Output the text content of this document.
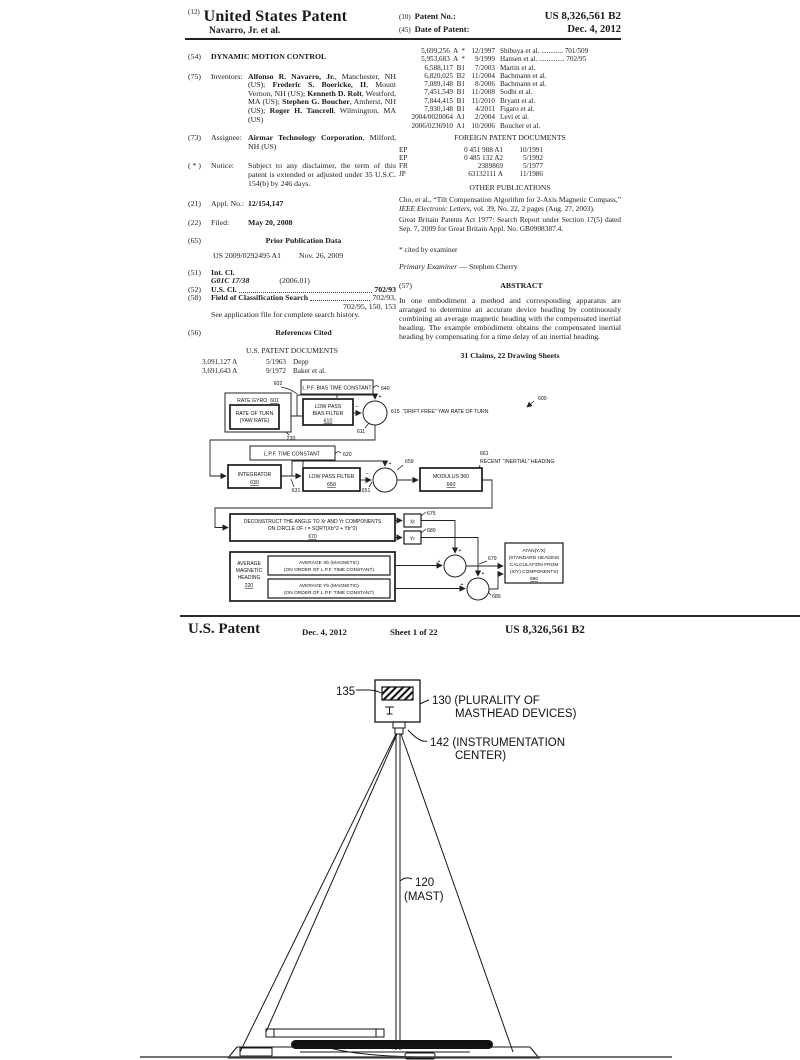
$^{(12)}$ United States Patent
Navarro, Jr. et al.
(10) Patent No.:	US 8,326,561 B2
(45) Date of Patent:	Dec. 4, 2012
(54)	DYNAMIC MOTION CONTROL
(75)	Inventors: Alfonso R. Navarro, Jr., Manchester, NH (US); Frederic S. Boericke, II, Mount Vernon, NH (US); Kenneth D. Rolt, Westford, MA (US); Stephen G. Boucher, Amherst, NH (US); Roger H. Tancrell, Wilmington, MA (US)
(73)	Assignee: Airmar Technology Corporation, Milford, NH (US)
( * )	Notice:	Subject to any disclaimer, the term of this patent is extended or adjusted under 35 U.S.C. 154(b) by 246 days.
(21)	Appl. No.: 12/154,147
(22)	Filed:	May 20, 2008
(65)	Prior Publication Data
US 2009/0292495 A1 Nov. 26, 2009
(51)	Int. Cl.
G01C 17/38	(2006.01)
(52)	U.S. Cl.	702/93
(58)	Field of Classification Search	702/93,
702/95, 150, 153
See application file for complete search history.
(56)	References Cited
U.S. PATENT DOCUMENTS
3,091,127 A	5/1963 Depp
3,691,643 A	9/1972 Baker et al.
5,699,256  A  * 12/1997 Shibuya et al. ............ 701/509
5,953,683  A  *	9/1999 Hansen et al. .............. 702/95
6,588,117  B1	7/2003 Martin et al.
6,820,025  B2 11/2004 Bachmann et al.
7,089,148  B1	8/2006 Bachmann et al.
7,451,549  B1 11/2008 Sodhi et al.
7,844,415  B1 11/2010 Bryant et al.
7,930,148  B1	4/2011 Figaro et al.
2004/0020064  A1	2/2004 Levi et al.
2006/0236910  A1 10/2006 Boucher et al.
FOREIGN PATENT DOCUMENTS
EP	0 451 988 A1	10/1991
EP	0 485 132 A2	5/1992
FR	2389869	5/1977
JP	63132111 A	11/1986
OTHER PUBLICATIONS
Cho, et al., “Tilt Compensation Algorithm for 2-Axis Magnetic Compass,” IEEE Electronic Letters, vol. 39, No. 22, 2 pages (Aug. 27, 2003).
Great Britain Patents Act 1977: Search Report under Section 17(5) dated Sep. 7, 2009 for Great Britain Appl. No. GB0908387.4.
* cited by examiner
Primary Examiner — Stephen Cherry
(57)	ABSTRACT
In one embodiment a method and corresponding apparatus are arranged to determine an accurate device heading by continuously combining an average magnetic heading with the compensated inertial heading. The example embodiment obtains the compensated inertial heading by compensating for a time delay of an inertial heading.
31 Claims, 22 Drawing Sheets
L.P.F. BIAS TIME CONSTANT
602
640
RATE GYRO 601
RATE OF TURN
(YAW RATE)
230
LOW PASS
BIAS FILTER
610
+
−
611
615 “DRIFT FREE” YAW RATE OF TURN
600
L.P.F. TIME CONSTANT	620
INTEGRATOR
630
631
LOW PASS FILTER
650
651
+
−
659
MODULUS 360
660
661
RECENT “INERTIAL” HEADING
DECONSTRUCT THE ANGLE TO Xr AND Yr COMPONENTS
ON CIRCLE OF r = SQRT(Xb^2 + Yb^2)
670
Xr
Yr
675
680
AVERAGE
MAGNETIC
HEADING
220
AVERAGE Xb (MAGNETIC)
(ON ORDER OF L.P.F. TIME CONSTANT)
AVERAGE Yb (MAGNETIC)
(ON ORDER OF L.P.F. TIME CONSTANT)
+
+
+
+
679
689
ATAN(Y/X)
(STANDARD HEADING
CALCULATION FROM
(X/Y) COMPONENTS)
690
U.S. Patent	Dec. 4, 2012	Sheet 1 of 22	US 8,326,561 B2
135
130 (PLURALITY OF
MASTHEAD DEVICES)
142 (INSTRUMENTATION
CENTER)
120
(MAST)
